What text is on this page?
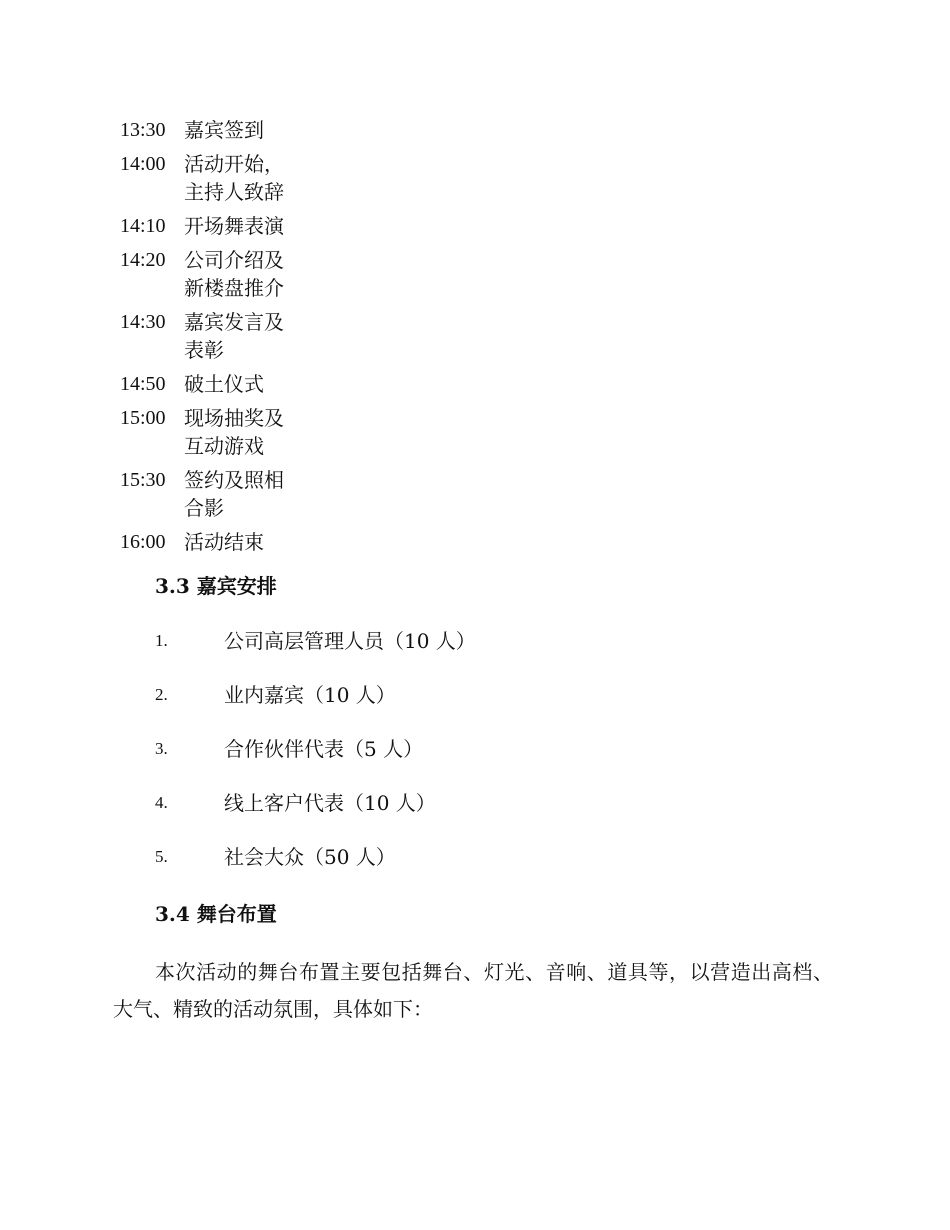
13:30 嘉宾签到
14:00 活动开始，主持人致辞
14:10 开场舞表演
14:20 公司介绍及新楼盘推介
14:30 嘉宾发言及表彰
14:50 破土仪式
15:00 现场抽奖及互动游戏
15:30 签约及照相合影
16:00 活动结束
3.3 嘉宾安排
1.	公司高层管理人员（10 人）
2.	业内嘉宾（10 人）
3.	合作伙伴代表（5 人）
4.	线上客户代表（10 人）
5.	社会大众（50 人）
3.4 舞台布置
本次活动的舞台布置主要包括舞台、灯光、音响、道具等，以营造出高档、大气、精致的活动氛围，具体如下：
